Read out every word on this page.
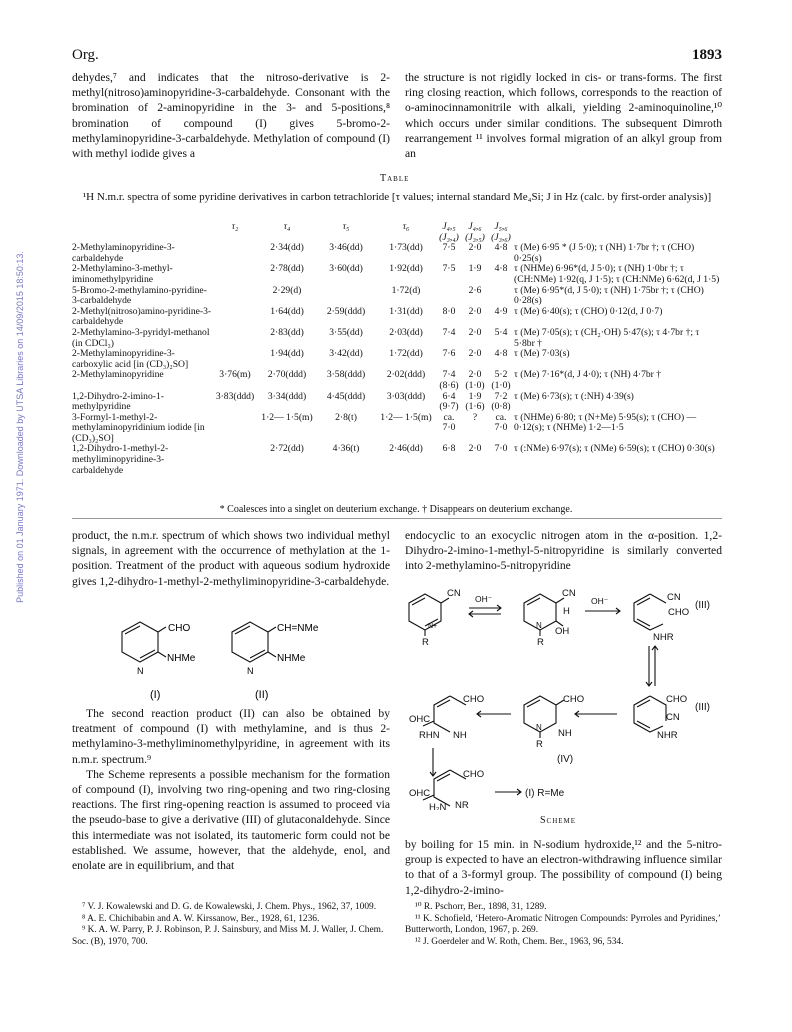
Published on 01 January 1971. Downloaded by UTSA Libraries on 14/09/2015 18:50:13.
Org.	1893

dehydes,⁷ and indicates that the nitroso-derivative is 2-methyl(nitroso)aminopyridine-3-carbaldehyde. Consonant with the bromination of 2-aminopyridine in the 3- and 5-positions,⁸ bromination of compound (I) gives 5-bromo-2-methylaminopyridine-3-carbaldehyde. Methylation of compound (I) with methyl iodide gives a

the structure is not rigidly locked in cis- or trans-forms. The first ring closing reaction, which follows, corresponds to the reaction of o-aminocinnamonitrile with alkali, yielding 2-aminoquinoline,¹⁰ which occurs under similar conditions. The subsequent Dimroth rearrangement ¹¹ involves formal migration of an alkyl group from an

Table
¹H N.m.r. spectra of some pyridine derivatives in carbon tetrachloride [τ values; internal standard Me₄Si; J in Hz (calc. by first-order analysis)]
	τ₂	τ₄	τ₅	τ₆	J₄,₅ (J₃,₄)	J₄,₆ (J₃,₅)	J₅,₆ (J₃,₆)	
2-Methylaminopyridine-3-carbaldehyde		2·34(dd)	3·46(dd)	1·73(dd)	7·5	2·0	4·8	τ (Me) 6·95 * (J 5·0); τ (NH) 1·7br †; τ (CHO) 0·25(s)
2-Methylamino-3-methyl-iminomethylpyridine		2·78(dd)	3·60(dd)	1·92(dd)	7·5	1·9	4·8	τ (NHMe) 6·96*(d, J 5·0); τ (NH) 1·0br †; τ (CH:NMe) 1·92(q, J 1·5); τ (CH:NMe) 6·62(d, J 1·5)
5-Bromo-2-methylamino-pyridine-3-carbaldehyde		2·29(d)		1·72(d)		2·6		τ (Me) 6·95*(d, J 5·0); τ (NH) 1·75br †; τ (CHO) 0·28(s)
2-Methyl(nitroso)amino-pyridine-3-carbaldehyde		1·64(dd)	2·59(ddd)	1·31(dd)	8·0	2·0	4·9	τ (Me) 6·40(s); τ (CHO) 0·12(d, J 0·7)
2-Methylamino-3-pyridyl-methanol (in CDCl₃)		2·83(dd)	3·55(dd)	2·03(dd)	7·4	2·0	5·4	τ (Me) 7·05(s); τ (CH₂·OH) 5·47(s); τ 4·7br †; τ 5·8br †
2-Methylaminopyridine-3-carboxylic acid [in (CD₃)₂SO]		1·94(dd)	3·42(dd)	1·72(dd)	7·6	2·0	4·8	τ (Me) 7·03(s)
2-Methylaminopyridine	3·76(m)	2·70(ddd)	3·58(ddd)	2·02(ddd)	7·4 (8·6)	2·0 (1·0)	5·2 (1·0)	τ (Me) 7·16*(d, J 4·0); τ (NH) 4·7br †
1,2-Dihydro-2-imino-1-methylpyridine	3·83(ddd)	3·34(ddd)	4·45(ddd)	3·03(ddd)	6·4 (9·7)	1·9 (1·6)	7·2 (0·8)	τ (Me) 6·73(s); τ (:NH) 4·39(s)
3-Formyl-1-methyl-2-methylaminopyridinium iodide [in (CD₃)₂SO]		1·2— 1·5(m)	2·8(t)	1·2— 1·5(m)	ca. 7·0	?	ca. 7·0	τ (NHMe) 6·80; τ (N+Me) 5·95(s); τ (CHO) —0·12(s); τ (NHMe) 1·2—1·5
1,2-Dihydro-1-methyl-2-methyliminopyridine-3-carbaldehyde		2·72(dd)	4·36(t)	2·46(dd)	6·8	2·0	7·0	τ (:NMe) 6·97(s); τ (NMe) 6·59(s); τ (CHO) 0·30(s)
* Coalesces into a singlet on deuterium exchange. † Disappears on deuterium exchange.

product, the n.m.r. spectrum of which shows two individual methyl signals, in agreement with the occurrence of methylation at the 1-position. Treatment of the product with aqueous sodium hydroxide gives 1,2-dihydro-1-methyl-2-methyliminopyridine-3-carbaldehyde.

CHO
NHMe
N
(I)
CH=NMe
NHMe
N
(II)

The second reaction product (II) can also be obtained by treatment of compound (I) with methylamine, and is thus 2-methylamino-3-methyliminomethylpyridine, in agreement with its n.m.r. spectrum.⁹

The Scheme represents a possible mechanism for the formation of compound (I), involving two ring-opening and two ring-closing reactions. The first ring-opening reaction is assumed to proceed via the pseudo-base to give a derivative (III) of glutaconaldehyde. Since this intermediate was not isolated, its tautomeric form could not be established. We assume, however, that the aldehyde, enol, and enolate are in equilibrium, and that

endocyclic to an exocyclic nitrogen atom in the α-position. 1,2-Dihydro-2-imino-1-methyl-5-nitropyridine is similarly converted into 2-methylamino-5-nitropyridine

CN
N+
R
OH⁻	CN
H
N
OH
R
OH⁻	CN
CHO
(III)
NHR
CHO
CN
(III)
NHR
CHO
N
NH
R
(IV)
CHO
OHC
RHN NH
CHO
OHC
H₂N NR
(I) R=Me
Scheme

by boiling for 15 min. in N-sodium hydroxide,¹² and the 5-nitro-group is expected to have an electron-withdrawing influence similar to that of a 3-formyl group. The possibility of compound (I) being 1,2-dihydro-2-imino-

⁷ V. J. Kowalewski and D. G. de Kowalewski, J. Chem. Phys., 1962, 37, 1009.

⁸ A. E. Chichibabin and A. W. Kirssanow, Ber., 1928, 61, 1236.

⁹ K. A. W. Parry, P. J. Robinson, P. J. Sainsbury, and Miss M. J. Waller, J. Chem. Soc. (B), 1970, 700.

¹⁰ R. Pschorr, Ber., 1898, 31, 1289.

¹¹ K. Schofield, ‘Hetero-Aromatic Nitrogen Compounds: Pyrroles and Pyridines,’ Butterworth, London, 1967, p. 269.

¹² J. Goerdeler and W. Roth, Chem. Ber., 1963, 96, 534.
